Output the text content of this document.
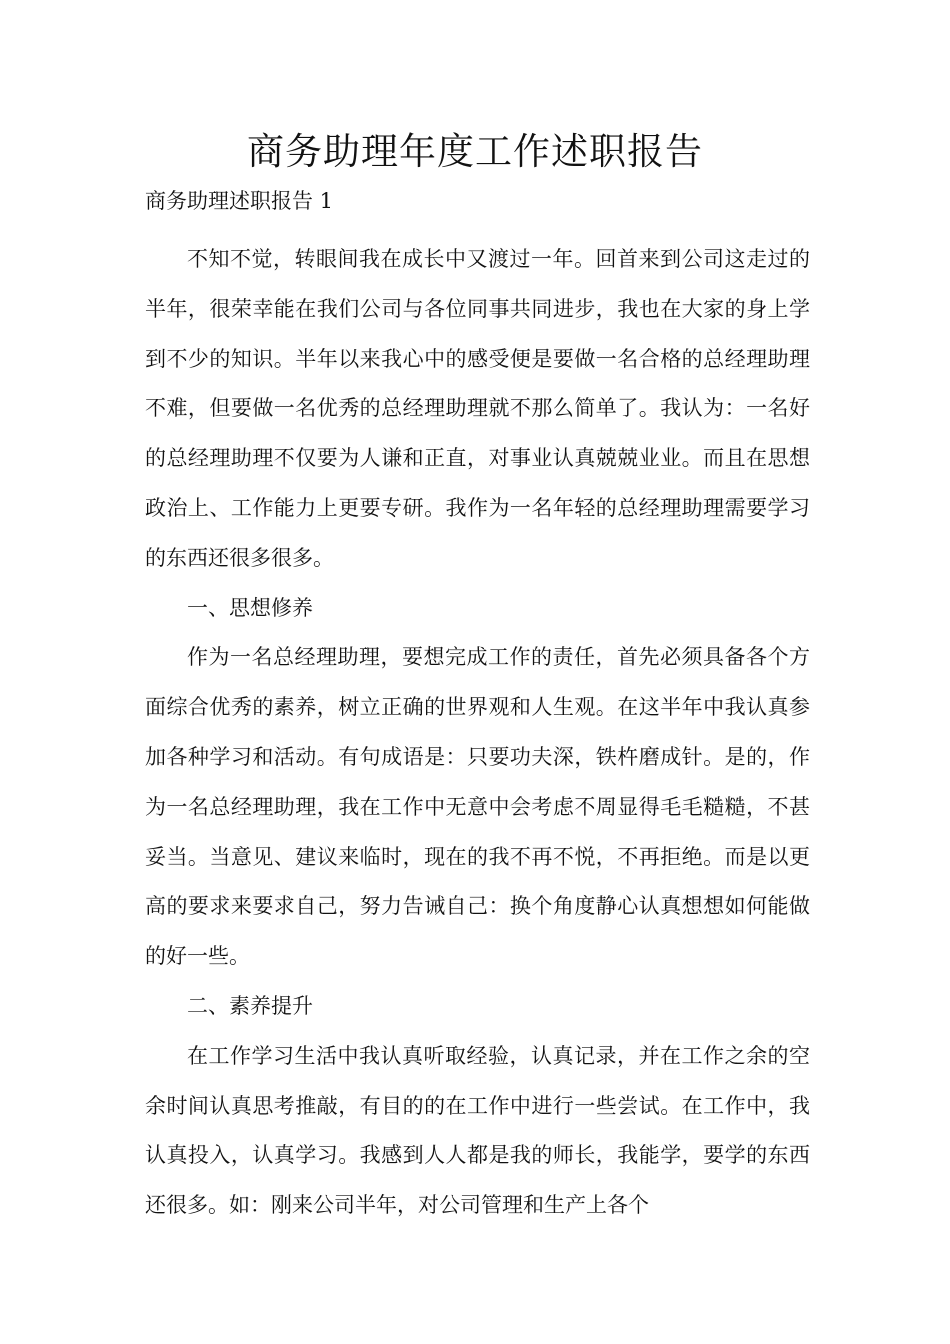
商务助理年度工作述职报告

商务助理述职报告 1

不知不觉，转眼间我在成长中又渡过一年。回首来到公司这走过的半年，很荣幸能在我们公司与各位同事共同进步，我也在大家的身上学到不少的知识。半年以来我心中的感受便是要做一名合格的总经理助理不难，但要做一名优秀的总经理助理就不那么简单了。我认为：一名好的总经理助理不仅要为人谦和正直，对事业认真兢兢业业。而且在思想政治上、工作能力上更要专研。我作为一名年轻的总经理助理需要学习的东西还很多很多。

一、思想修养

作为一名总经理助理，要想完成工作的责任，首先必须具备各个方面综合优秀的素养，树立正确的世界观和人生观。在这半年中我认真参加各种学习和活动。有句成语是：只要功夫深，铁杵磨成针。是的，作为一名总经理助理，我在工作中无意中会考虑不周显得毛毛糙糙，不甚妥当。当意见、建议来临时，现在的我不再不悦，不再拒绝。而是以更高的要求来要求自己，努力告诫自己：换个角度静心认真想想如何能做的好一些。

二、素养提升

在工作学习生活中我认真听取经验，认真记录，并在工作之余的空余时间认真思考推敲，有目的的在工作中进行一些尝试。在工作中，我认真投入，认真学习。我感到人人都是我的师长，我能学，要学的东西还很多。如：刚来公司半年，对公司管理和生产上各个
